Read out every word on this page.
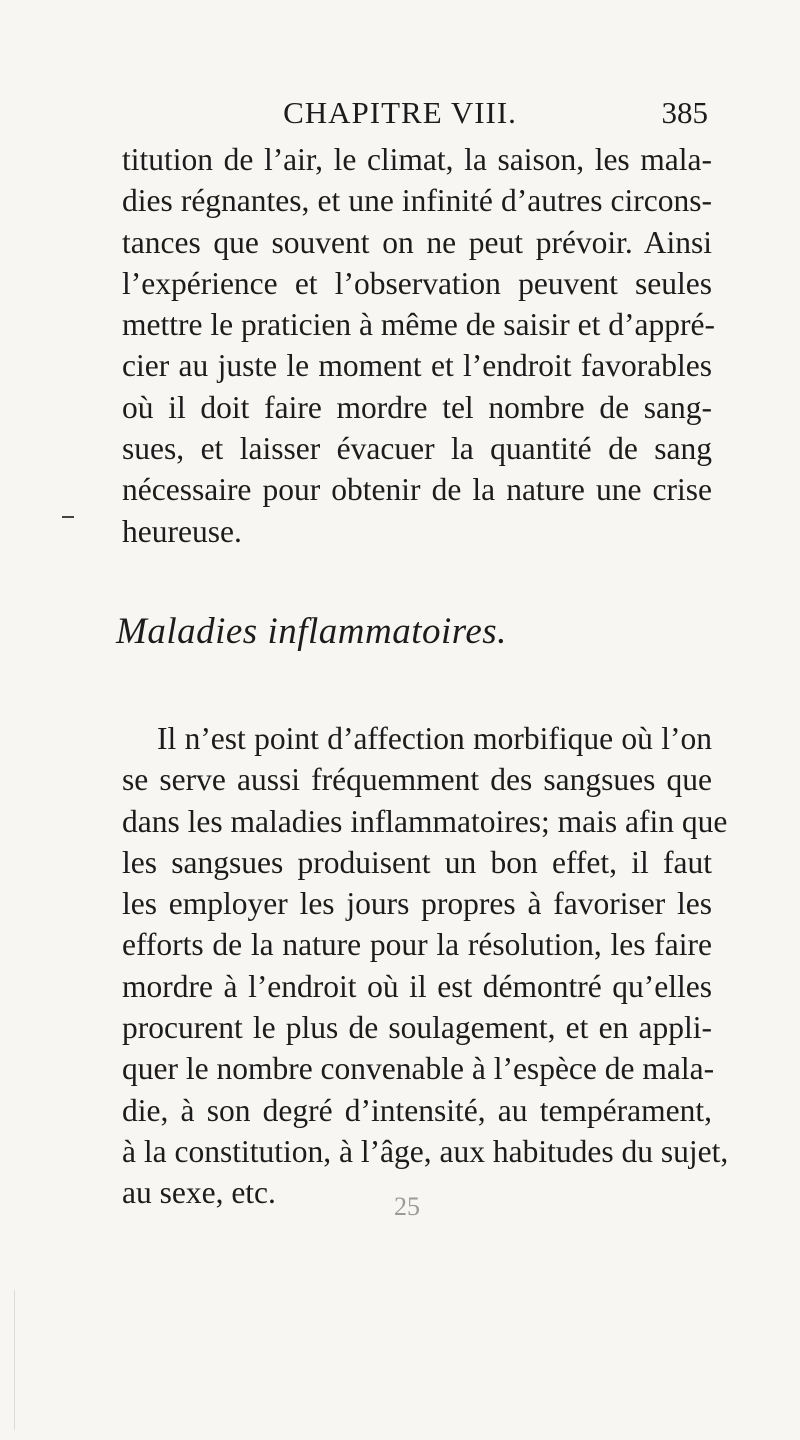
CHAPITRE VIII.	385
titution de l’air, le climat, la saison, les mala-
dies régnantes, et une infinité d’autres circons-
tances que souvent on ne peut prévoir. Ainsi
l’expérience et l’observation peuvent seules
mettre le praticien à même de saisir et d’appré-
cier au juste le moment et l’endroit favorables
où il doit faire mordre tel nombre de sang-
sues, et laisser évacuer la quantité de sang
nécessaire pour obtenir de la nature une crise
heureuse.
Maladies inflammatoires.
Il n’est point d’affection morbifique où l’on
se serve aussi fréquemment des sangsues que
dans les maladies inflammatoires; mais afin que
les sangsues produisent un bon effet, il faut
les employer les jours propres à favoriser les
efforts de la nature pour la résolution, les faire
mordre à l’endroit où il est démontré qu’elles
procurent le plus de soulagement, et en appli-
quer le nombre convenable à l’espèce de mala-
die, à son degré d’intensité, au tempérament,
à la constitution, à l’âge, aux habitudes du sujet,
au sexe, etc.	25
